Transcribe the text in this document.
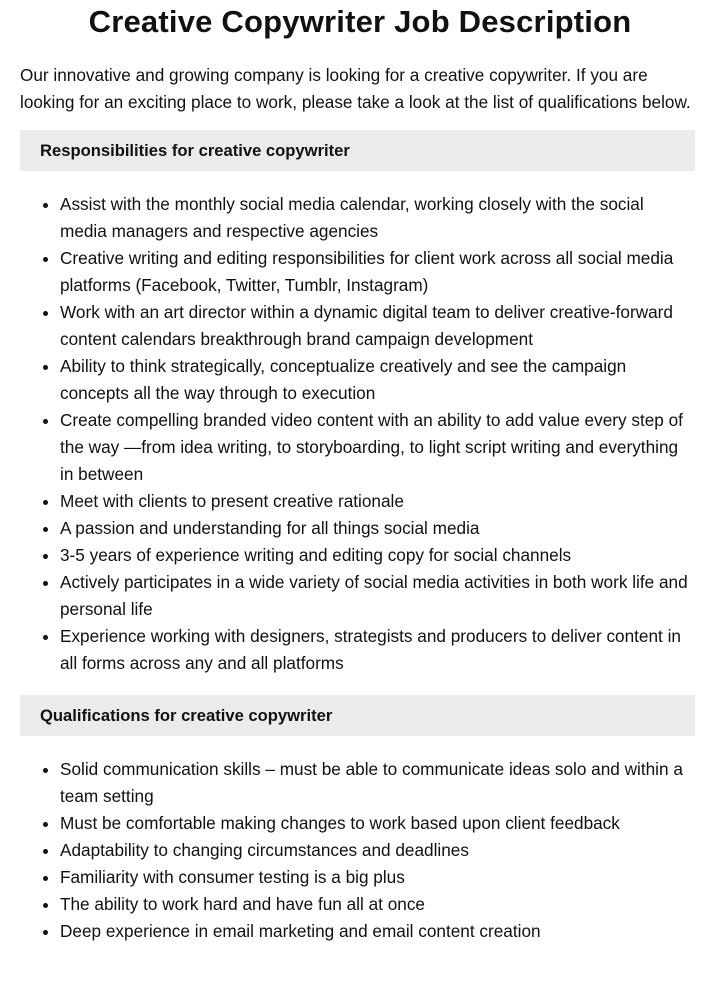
Creative Copywriter Job Description

Our innovative and growing company is looking for a creative copywriter. If you are looking for an exciting place to work, please take a look at the list of qualifications below.

Responsibilities for creative copywriter
• Assist with the monthly social media calendar, working closely with the social media managers and respective agencies
• Creative writing and editing responsibilities for client work across all social media platforms (Facebook, Twitter, Tumblr, Instagram)
• Work with an art director within a dynamic digital team to deliver creative-forward content calendars breakthrough brand campaign development
• Ability to think strategically, conceptualize creatively and see the campaign concepts all the way through to execution
• Create compelling branded video content with an ability to add value every step of the way —from idea writing, to storyboarding, to light script writing and everything in between
• Meet with clients to present creative rationale
• A passion and understanding for all things social media
• 3-5 years of experience writing and editing copy for social channels
• Actively participates in a wide variety of social media activities in both work life and personal life
• Experience working with designers, strategists and producers to deliver content in all forms across any and all platforms
Qualifications for creative copywriter
• Solid communication skills – must be able to communicate ideas solo and within a team setting
• Must be comfortable making changes to work based upon client feedback
• Adaptability to changing circumstances and deadlines
• Familiarity with consumer testing is a big plus
• The ability to work hard and have fun all at once
• Deep experience in email marketing and email content creation
